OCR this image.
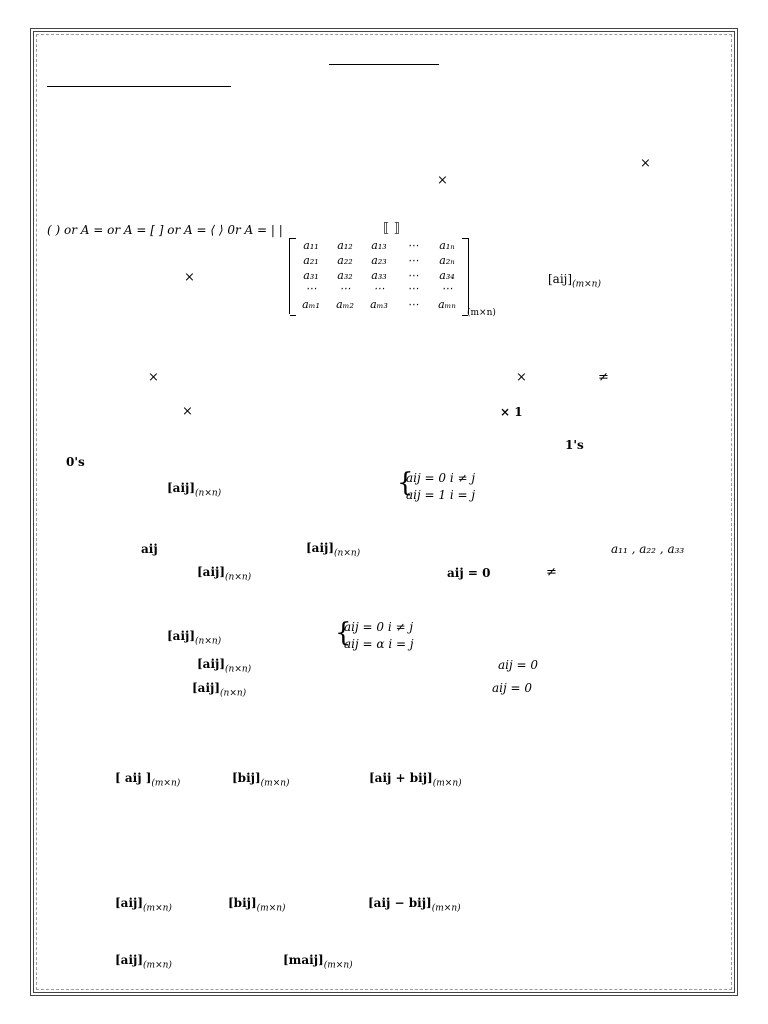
×
×
( ) or A = or A = [ ] or A = ⟨ ⟩ 0r A = | |	⟦ ⟧
×
a₁₁	a₁₂	a₁₃	⋯	a₁ₙ
a₂₁	a₂₂	a₂₃	⋯	a₂ₙ
a₃₁	a₃₂	a₃₃	⋯	a₃₄
⋯	⋯	⋯	⋯	⋯
aₘ₁	aₘ₂	aₘ₃	⋯	aₘₙ
(m×n)
$[aij]_{(m\times n)}$
×	×	≠
×	× 1
1's
0's
$[aij]_{(n\times n)}$	{
aij = 0 i ≠ j
aij = 1 i = j
aij	$[aij]_{(n\times n)}$	a₁₁ , a₂₂ , a₃₃
$[aij]_{(n\times n)}$	aij = 0	≠
$[aij]_{(n\times n)}$	{
aij = 0 i ≠ j
aij = α i = j
$[aij]_{(n\times n)}$	aij = 0
$[aij]_{(n\times n)}$	aij = 0
[ aij ]$_{(m\times n)}$	$[bij]_{(m\times n)}$	$[aij + bij]_{(m\times n)}$
$[aij]_{(m\times n)}$	$[bij]_{(m\times n)}$	$[aij - bij]_{(m\times n)}$
$[aij]_{(m\times n)}$	$[maij]_{(m\times n)}$
